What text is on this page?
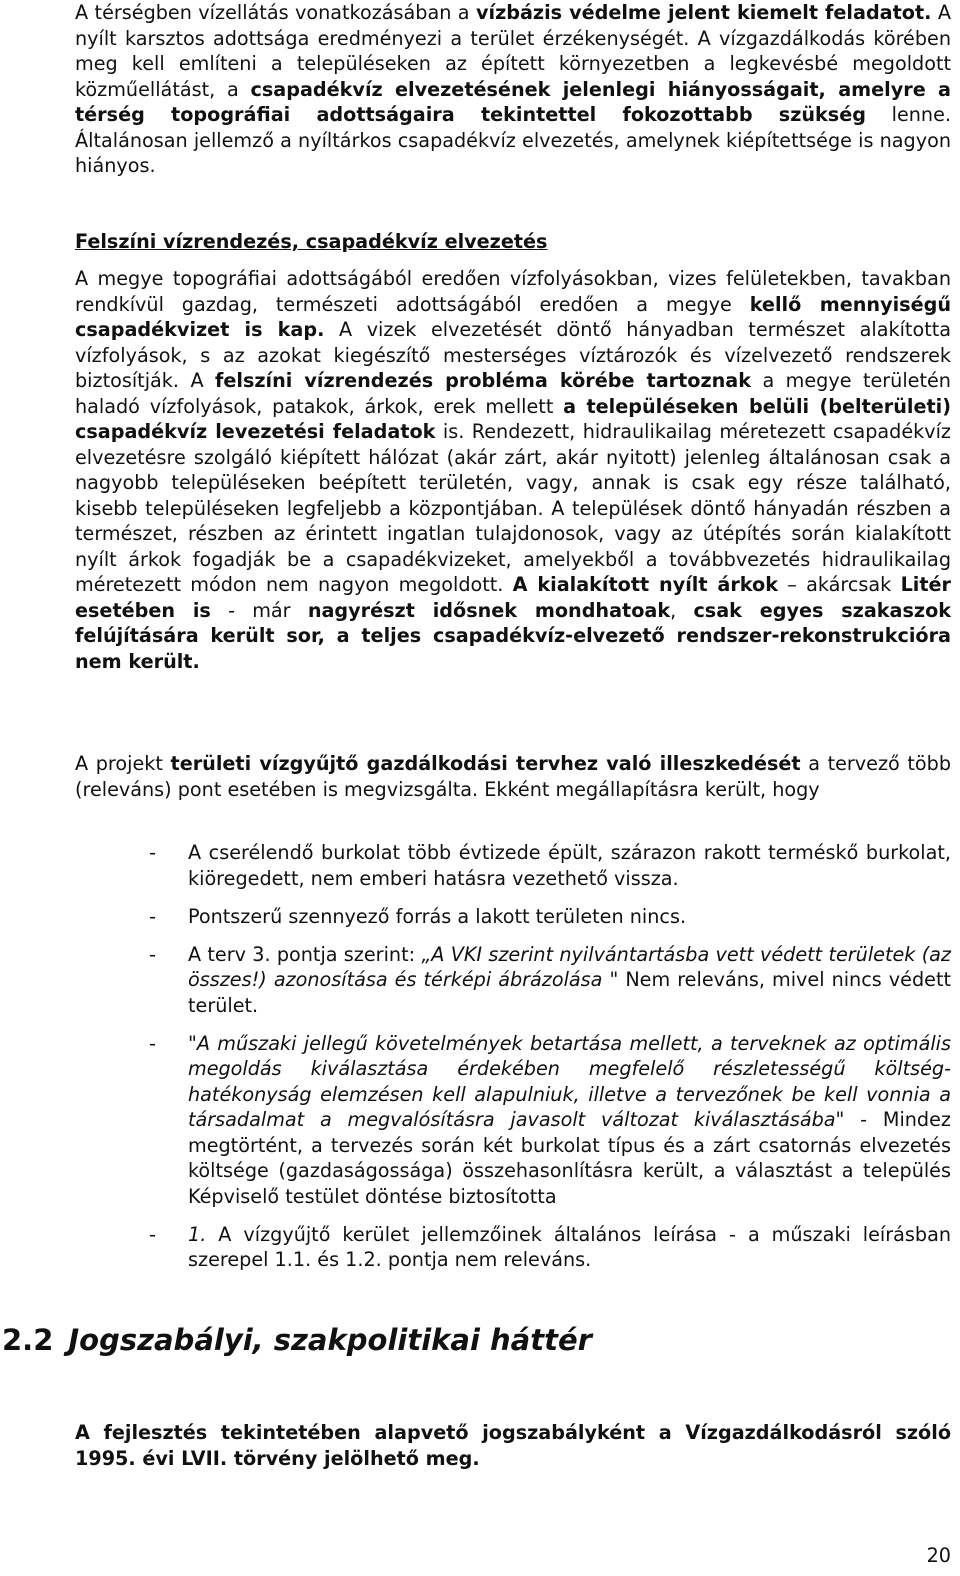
A térségben vízellátás vonatkozásában a vízbázis védelme jelent kiemelt feladatot. A nyílt karsztos adottsága eredményezi a terület érzékenységét. A vízgazdálkodás körében meg kell említeni a településeken az épített környezetben a legkevésbé megoldott közműellátást, a csapadékvíz elvezetésének jelenlegi hiányosságait, amelyre a térség topográfiai adottságaira tekintettel fokozottabb szükség lenne. Általánosan jellemző a nyíltárkos csapadékvíz elvezetés, amelynek kiépítettsége is nagyon hiányos.

Felszíni vízrendezés, csapadékvíz elvezetés

A megye topográfiai adottságából eredően vízfolyásokban, vizes felületekben, tavakban rendkívül gazdag, természeti adottságából eredően a megye kellő mennyiségű csapadékvizet is kap. A vizek elvezetését döntő hányadban természet alakította vízfolyások, s az azokat kiegészítő mesterséges víztározók és vízelvezető rendszerek biztosítják. A felszíni vízrendezés probléma körébe tartoznak a megye területén haladó vízfolyások, patakok, árkok, erek mellett a településeken belüli (belterületi) csapadékvíz levezetési feladatok is. Rendezett, hidraulikailag méretezett csapadékvíz elvezetésre szolgáló kiépített hálózat (akár zárt, akár nyitott) jelenleg általánosan csak a nagyobb településeken beépített területén, vagy, annak is csak egy része található, kisebb településeken legfeljebb a központjában. A települések döntő hányadán részben a természet, részben az érintett ingatlan tulajdonosok, vagy az útépítés során kialakított nyílt árkok fogadják be a csapadékvizeket, amelyekből a továbbvezetés hidraulikailag méretezett módon nem nagyon megoldott. A kialakított nyílt árkok – akárcsak Litér esetében is - már nagyrészt idősnek mondhatoak, csak egyes szakaszok felújítására került sor, a teljes csapadékvíz-elvezető rendszer-rekonstrukcióra nem került.

A projekt területi vízgyűjtő gazdálkodási tervhez való illeszkedését a tervező több (releváns) pont esetében is megvizsgálta. Ekként megállapításra került, hogy

- A cserélendő burkolat több évtizede épült, szárazon rakott terméskő burkolat, kiöregedett, nem emberi hatásra vezethető vissza.
- Pontszerű szennyező forrás a lakott területen nincs.
- A terv 3. pontja szerint: „A VKI szerint nyilvántartásba vett védett területek (az összes!) azonosítása és térképi ábrázolása " Nem releváns, mivel nincs védett terület.
- "A műszaki jellegű követelmények betartása mellett, a terveknek az optimális megoldás kiválasztása érdekében megfelelő részletességű költség-hatékonyság elemzésen kell alapulniuk, illetve a tervezőnek be kell vonnia a társadalmat a megvalósításra javasolt változat kiválasztásába" - Mindez megtörtént, a tervezés során két burkolat típus és a zárt csatornás elvezetés költsége (gazdaságossága) összehasonlításra került, a választást a település Képviselő testület döntése biztosította
- 1. A vízgyűjtő kerület jellemzőinek általános leírása - a műszaki leírásban szerepel 1.1. és 1.2. pontja nem releváns.
2.2 Jogszabályi, szakpolitikai háttér

A fejlesztés tekintetében alapvető jogszabályként a Vízgazdálkodásról szóló 1995. évi LVII. törvény jelölhető meg.

20
